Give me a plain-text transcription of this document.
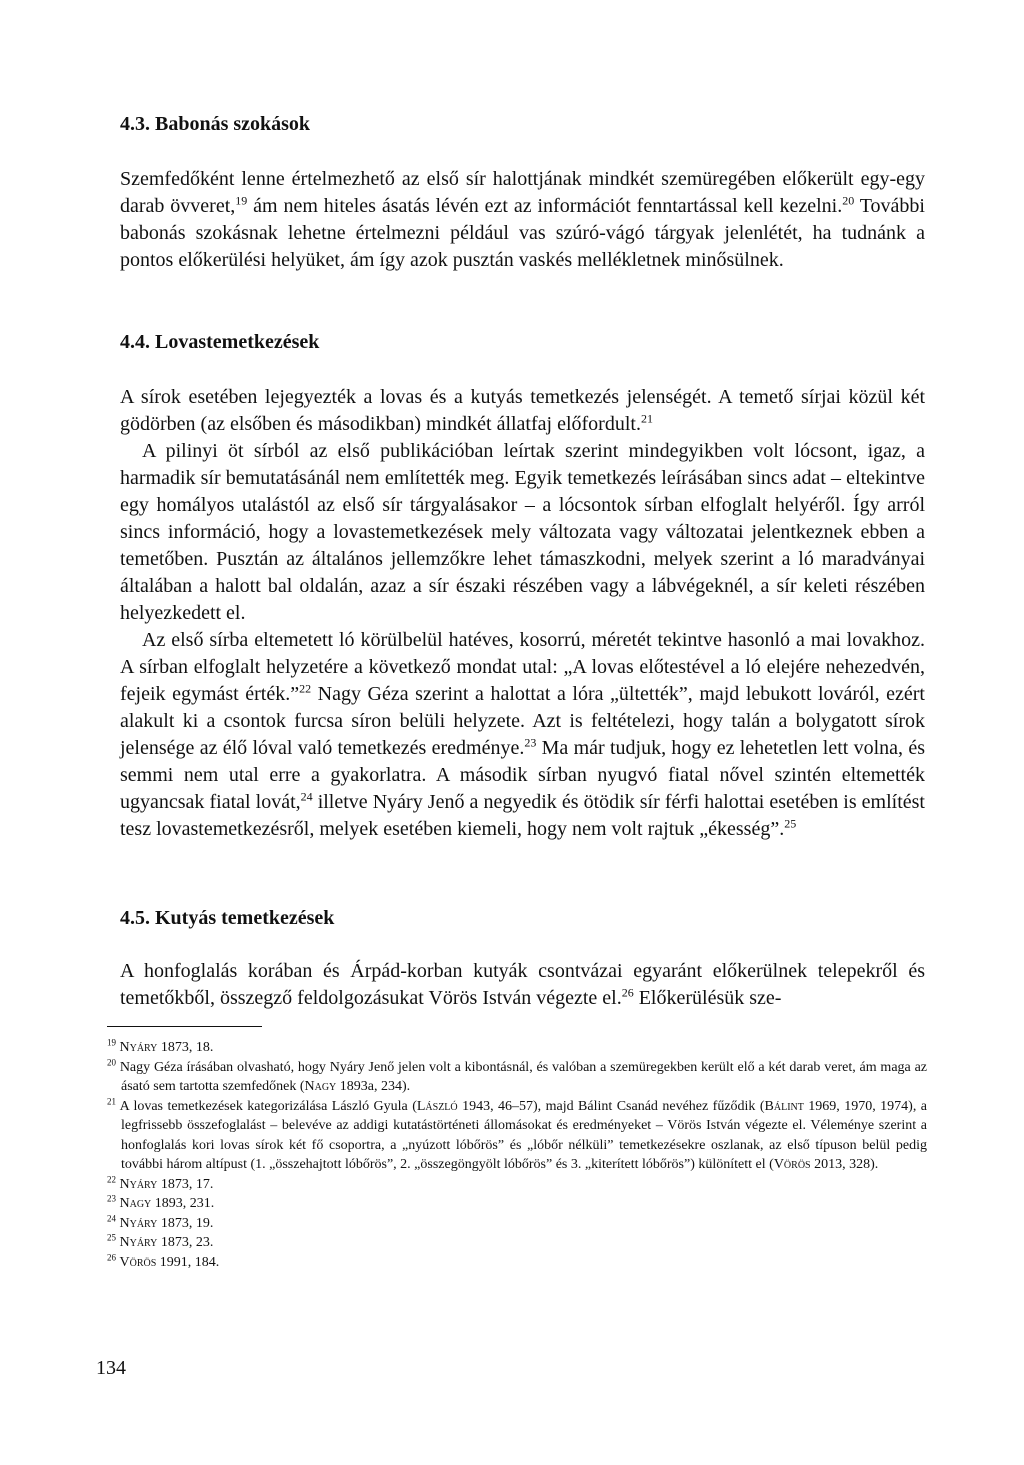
4.3. Babonás szokások

Szemfedőként lenne értelmezhető az első sír halottjának mindkét szemüregében előkerült egy-egy darab övveret,$^{19}$ ám nem hiteles ásatás lévén ezt az információt fenntartással kell kezelni.$^{20}$ További babonás szokásnak lehetne értelmezni például vas szúró-vágó tárgyak jelenlétét, ha tudnánk a pontos előkerülési helyüket, ám így azok pusztán vaskés mellékletnek minősülnek.

4.4. Lovastemetkezések

A sírok esetében lejegyezték a lovas és a kutyás temetkezés jelenségét. A temető sírjai közül két gödörben (az elsőben és másodikban) mindkét állatfaj előfordult.$^{21}$

A pilinyi öt sírból az első publikációban leírtak szerint mindegyikben volt lócsont, igaz, a harmadik sír bemutatásánál nem említették meg. Egyik temetkezés leírásában sincs adat – eltekintve egy homályos utalástól az első sír tárgyalásakor – a lócsontok sírban elfoglalt helyéről. Így arról sincs információ, hogy a lovastemetkezések mely változata vagy változatai jelentkeznek ebben a temetőben. Pusztán az általános jellemzőkre lehet támaszkodni, melyek szerint a ló maradványai általában a halott bal oldalán, azaz a sír északi részében vagy a lábvégeknél, a sír keleti részében helyezkedett el.

Az első sírba eltemetett ló körülbelül hatéves, kosorrú, méretét tekintve hasonló a mai lovakhoz. A sírban elfoglalt helyzetére a következő mondat utal: „A lovas előtestével a ló elejére nehezedvén, fejeik egymást érték.”$^{22}$ Nagy Géza szerint a halottat a lóra „ültették”, majd lebukott lováról, ezért alakult ki a csontok furcsa síron belüli helyzete. Azt is feltételezi, hogy talán a bolygatott sírok jelensége az élő lóval való temetkezés eredménye.$^{23}$ Ma már tudjuk, hogy ez lehetetlen lett volna, és semmi nem utal erre a gyakorlatra. A második sírban nyugvó fiatal nővel szintén eltemették ugyancsak fiatal lovát,$^{24}$ illetve Nyáry Jenő a negyedik és ötödik sír férfi halottai esetében is említést tesz lovastemetkezésről, melyek esetében kiemeli, hogy nem volt rajtuk „ékesség”.$^{25}$

4.5. Kutyás temetkezések

A honfoglalás korában és Árpád-korban kutyák csontvázai egyaránt előkerülnek telepekről és temetőkből, összegző feldolgozásukat Vörös István végezte el.$^{26}$ Előkerülésük sze-

$^{19}$ Nyáry 1873, 18.

$^{20}$ Nagy Géza írásában olvasható, hogy Nyáry Jenő jelen volt a kibontásnál, és valóban a szemüregekben került elő a két darab veret, ám maga az ásató sem tartotta szemfedőnek (Nagy 1893a, 234).

$^{21}$ A lovas temetkezések kategorizálása László Gyula (László 1943, 46–57), majd Bálint Csanád nevéhez fűződik (Bálint 1969, 1970, 1974), a legfrissebb összefoglalást – belevéve az addigi kutatástörténeti állomásokat és eredményeket – Vörös István végezte el. Véleménye szerint a honfoglalás kori lovas sírok két fő csoportra, a „nyúzott lóbőrös” és „lóbőr nélküli” temetkezésekre oszlanak, az első típuson belül pedig további három altípust (1. „összehajtott lóbőrös”, 2. „összegöngyölt lóbőrös” és 3. „kiterített lóbőrös”) különített el (Vörös 2013, 328).

$^{22}$ Nyáry 1873, 17.

$^{23}$ Nagy 1893, 231.

$^{24}$ Nyáry 1873, 19.

$^{25}$ Nyáry 1873, 23.

$^{26}$ Vörös 1991, 184.

134
